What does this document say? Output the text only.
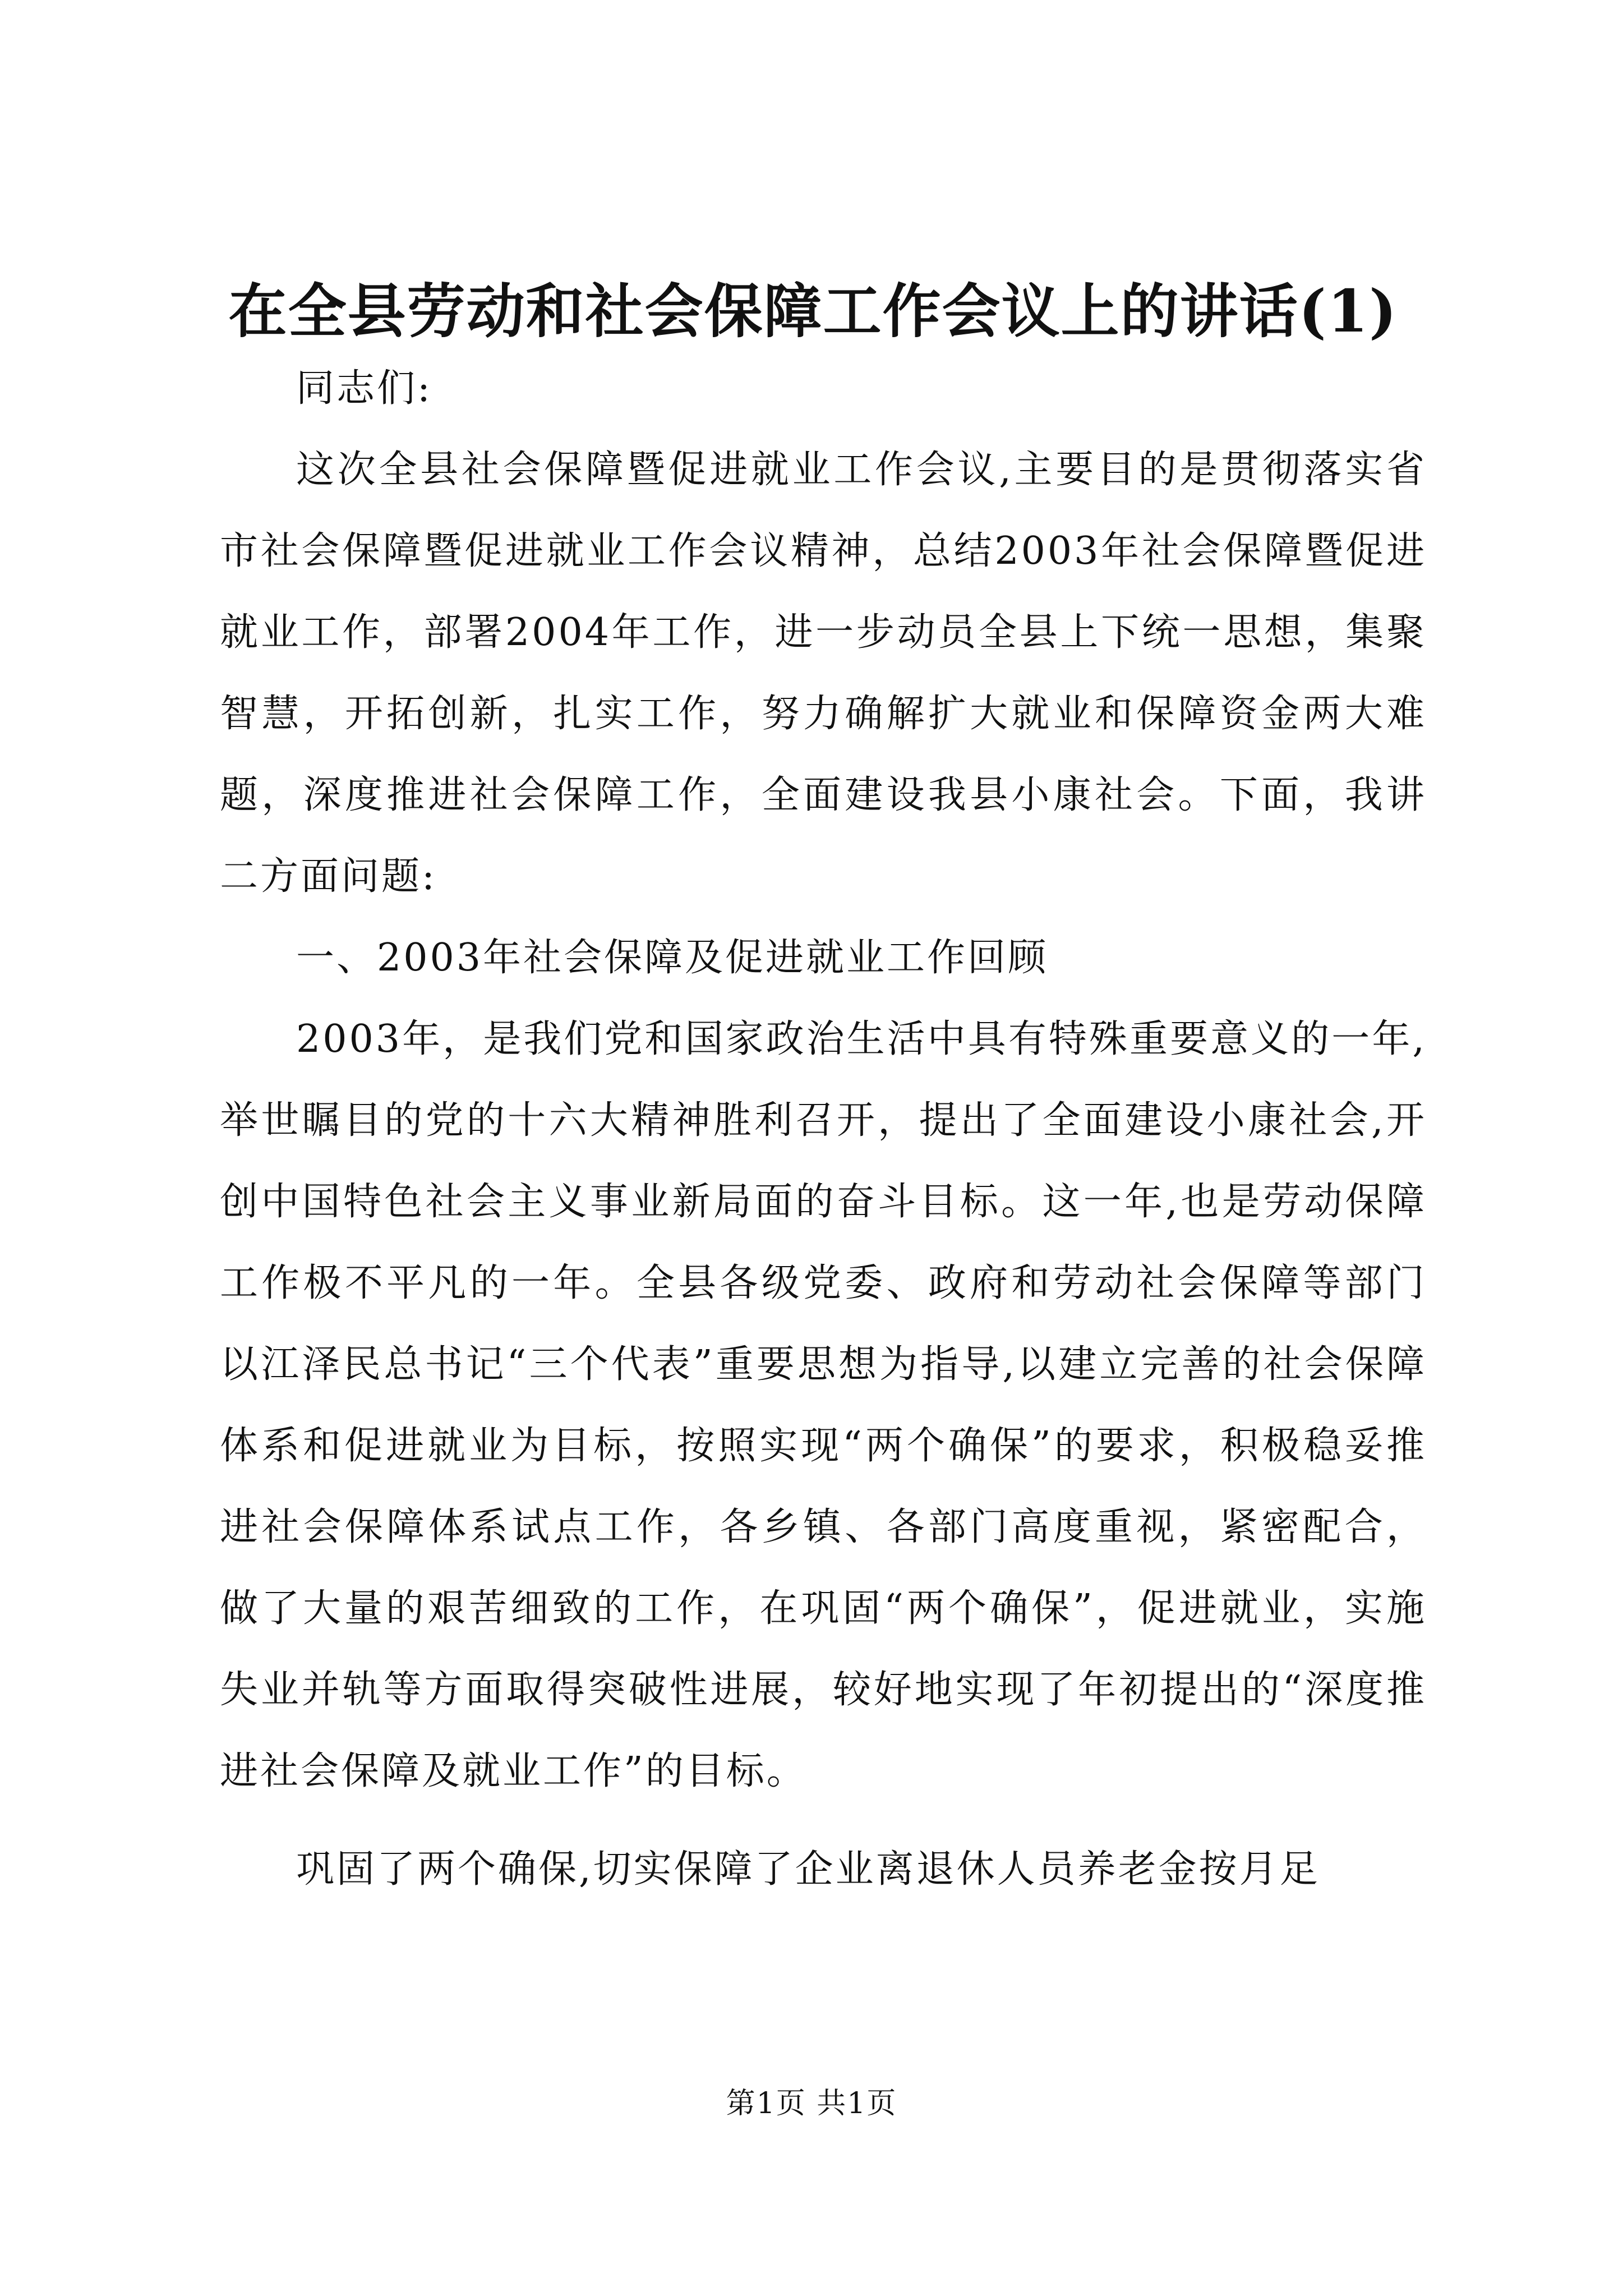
在全县劳动和社会保障工作会议上的讲话(1)

同志们:

这次全县社会保障暨促进就业工作会议,主要目的是贯彻落实省市社会保障暨促进就业工作会议精神，总结2003年社会保障暨促进就业工作，部署2004年工作，进一步动员全县上下统一思想，集聚智慧，开拓创新，扎实工作，努力确解扩大就业和保障资金两大难题，深度推进社会保障工作，全面建设我县小康社会。下面，我讲二方面问题:

一、2003年社会保障及促进就业工作回顾

2003年，是我们党和国家政治生活中具有特殊重要意义的一年,举世瞩目的党的十六大精神胜利召开，提出了全面建设小康社会,开创中国特色社会主义事业新局面的奋斗目标。这一年,也是劳动保障工作极不平凡的一年。全县各级党委、政府和劳动社会保障等部门以江泽民总书记“三个代表”重要思想为指导,以建立完善的社会保障体系和促进就业为目标，按照实现“两个确保”的要求，积极稳妥推进社会保障体系试点工作，各乡镇、各部门高度重视，紧密配合，做了大量的艰苦细致的工作，在巩固“两个确保”，促进就业，实施失业并轨等方面取得突破性进展，较好地实现了年初提出的“深度推进社会保障及就业工作”的目标。

巩固了两个确保,切实保障了企业离退休人员养老金按月足

第1页 共1页
